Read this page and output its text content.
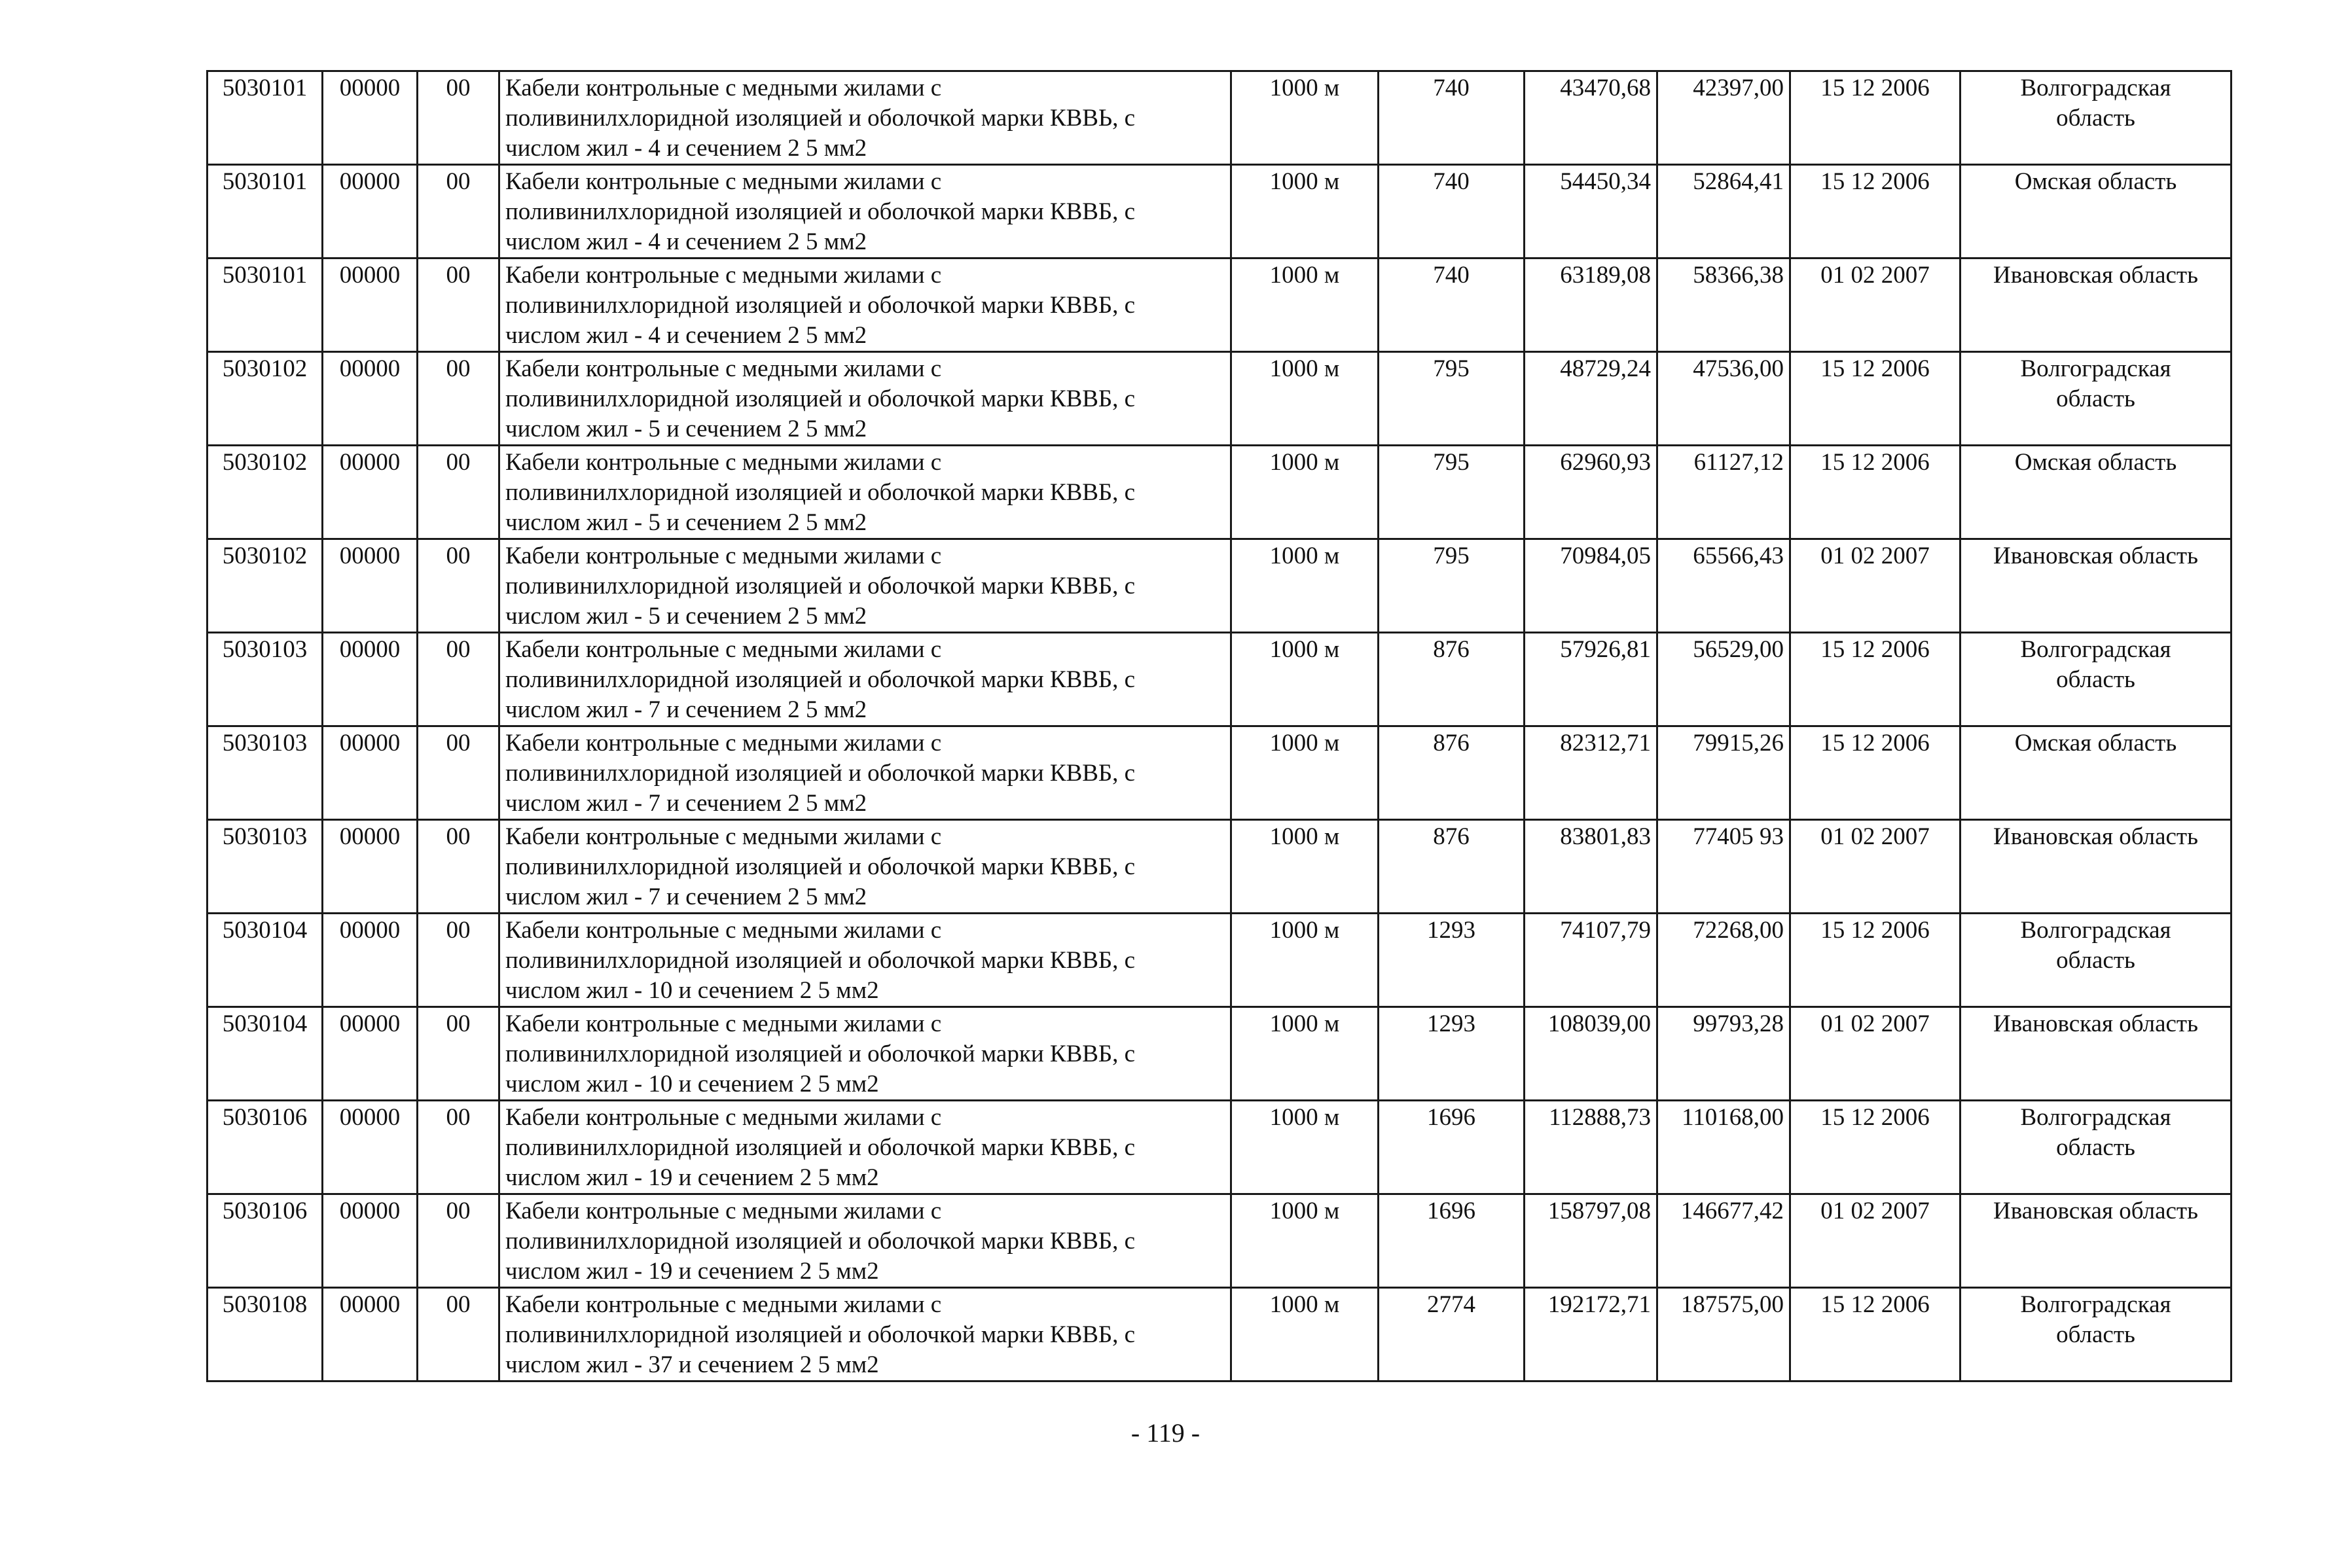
5030101	00000	00	Кабели контрольные с медными жилами с
поливинилхлоридной изоляцией и оболочкой марки КВВЬ, с
числом жил - 4 и сечением 2 5 мм2	1000 м	740	43470,68	42397,00	15 12 2006	Волгоградская
область

5030101	00000	00	Кабели контрольные с медными жилами с
поливинилхлоридной изоляцией и оболочкой марки КВВБ, с
числом жил - 4 и сечением 2 5 мм2	1000 м	740	54450,34	52864,41	15 12 2006	Омская область

5030101	00000	00	Кабели контрольные с медными жилами с
поливинилхлоридной изоляцией и оболочкой марки КВВБ, с
числом жил - 4 и сечением 2 5 мм2	1000 м	740	63189,08	58366,38	01 02 2007	Ивановская область

5030102	00000	00	Кабели контрольные с медными жилами с
поливинилхлоридной изоляцией и оболочкой марки КВВБ, с
числом жил - 5 и сечением 2 5 мм2	1000 м	795	48729,24	47536,00	15 12 2006	Волгоградская
область

5030102	00000	00	Кабели контрольные с медными жилами с
поливинилхлоридной изоляцией и оболочкой марки КВВБ, с
числом жил - 5 и сечением 2 5 мм2	1000 м	795	62960,93	61127,12	15 12 2006	Омская область

5030102	00000	00	Кабели контрольные с медными жилами с
поливинилхлоридной изоляцией и оболочкой марки КВВБ, с
числом жил - 5 и сечением 2 5 мм2	1000 м	795	70984,05	65566,43	01 02 2007	Ивановская область

5030103	00000	00	Кабели контрольные с медными жилами с
поливинилхлоридной изоляцией и оболочкой марки КВВБ, с
числом жил - 7 и сечением 2 5 мм2	1000 м	876	57926,81	56529,00	15 12 2006	Волгоградская
область

5030103	00000	00	Кабели контрольные с медными жилами с
поливинилхлоридной изоляцией и оболочкой марки КВВБ, с
числом жил - 7 и сечением 2 5 мм2	1000 м	876	82312,71	79915,26	15 12 2006	Омская область

5030103	00000	00	Кабели контрольные с медными жилами с
поливинилхлоридной изоляцией и оболочкой марки КВВБ, с
числом жил - 7 и сечением 2 5 мм2	1000 м	876	83801,83	77405 93	01 02 2007	Ивановская область

5030104	00000	00	Кабели контрольные с медными жилами с
поливинилхлоридной изоляцией и оболочкой марки КВВБ, с
числом жил - 10 и сечением 2 5 мм2	1000 м	1293	74107,79	72268,00	15 12 2006	Волгоградская
область

5030104	00000	00	Кабели контрольные с медными жилами с
поливинилхлоридной изоляцией и оболочкой марки КВВБ, с
числом жил - 10 и сечением 2 5 мм2	1000 м	1293	108039,00	99793,28	01 02 2007	Ивановская область

5030106	00000	00	Кабели контрольные с медными жилами с
поливинилхлоридной изоляцией и оболочкой марки КВВБ, с
числом жил - 19 и сечением 2 5 мм2	1000 м	1696	112888,73	110168,00	15 12 2006	Волгоградская
область

5030106	00000	00	Кабели контрольные с медными жилами с
поливинилхлоридной изоляцией и оболочкой марки КВВБ, с
числом жил - 19 и сечением 2 5 мм2	1000 м	1696	158797,08	146677,42	01 02 2007	Ивановская область

5030108	00000	00	Кабели контрольные с медными жилами с
поливинилхлоридной изоляцией и оболочкой марки КВВБ, с
числом жил - 37 и сечением 2 5 мм2	1000 м	2774	192172,71	187575,00	15 12 2006	Волгоградская
область
- 119 -
